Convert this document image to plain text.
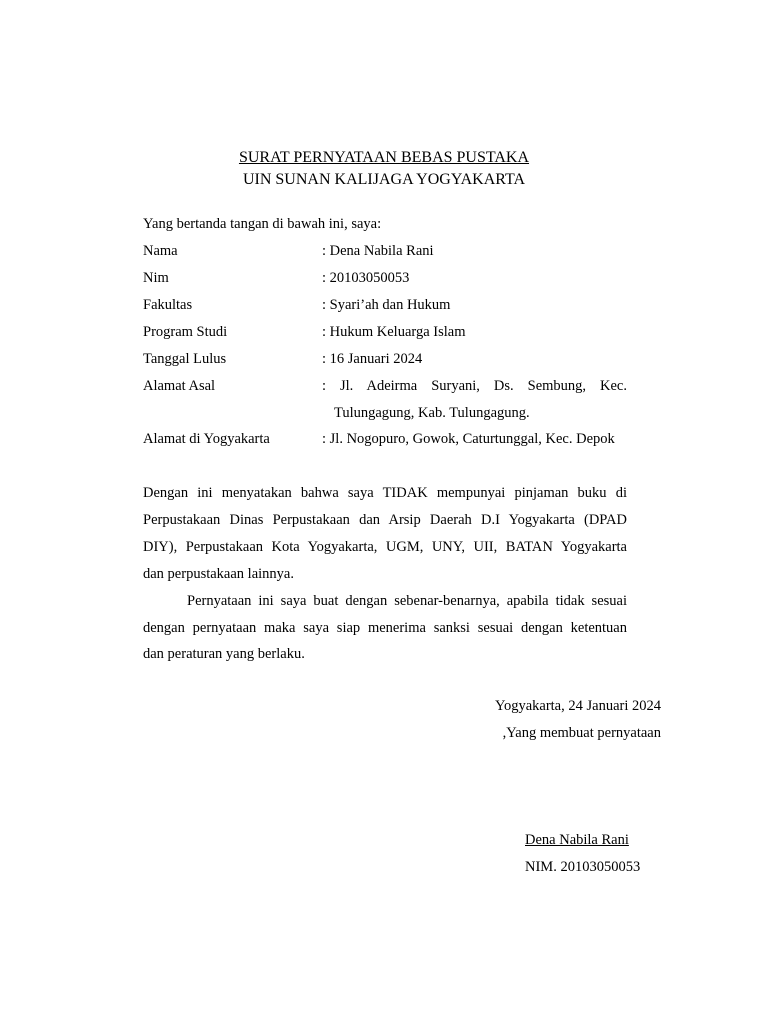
SURAT PERNYATAAN BEBAS PUSTAKA
UIN SUNAN KALIJAGA YOGYAKARTA
Yang bertanda tangan di bawah ini, saya:
Nama	: Dena Nabila Rani
Nim	: 20103050053
Fakultas	: Syari’ah dan Hukum
Program Studi	: Hukum Keluarga Islam
Tanggal Lulus	: 16 Januari 2024
Alamat Asal	: Jl. Adeirma Suryani, Ds. Sembung, Kec.
Tulungagung, Kab. Tulungagung.
Alamat di Yogyakarta	: Jl. Nogopuro, Gowok, Caturtunggal, Kec. Depok
Dengan ini menyatakan bahwa saya TIDAK mempunyai pinjaman buku di
Perpustakaan Dinas Perpustakaan dan Arsip Daerah D.I Yogyakarta (DPAD
DIY), Perpustakaan Kota Yogyakarta, UGM, UNY, UII, BATAN Yogyakarta
dan perpustakaan lainnya.
Pernyataan ini saya buat dengan sebenar-benarnya, apabila tidak sesuai
dengan pernyataan maka saya siap menerima sanksi sesuai dengan ketentuan
dan peraturan yang berlaku.
Yogyakarta, 24 Januari 2024
,Yang membuat pernyataan
Dena Nabila Rani
NIM. 20103050053
